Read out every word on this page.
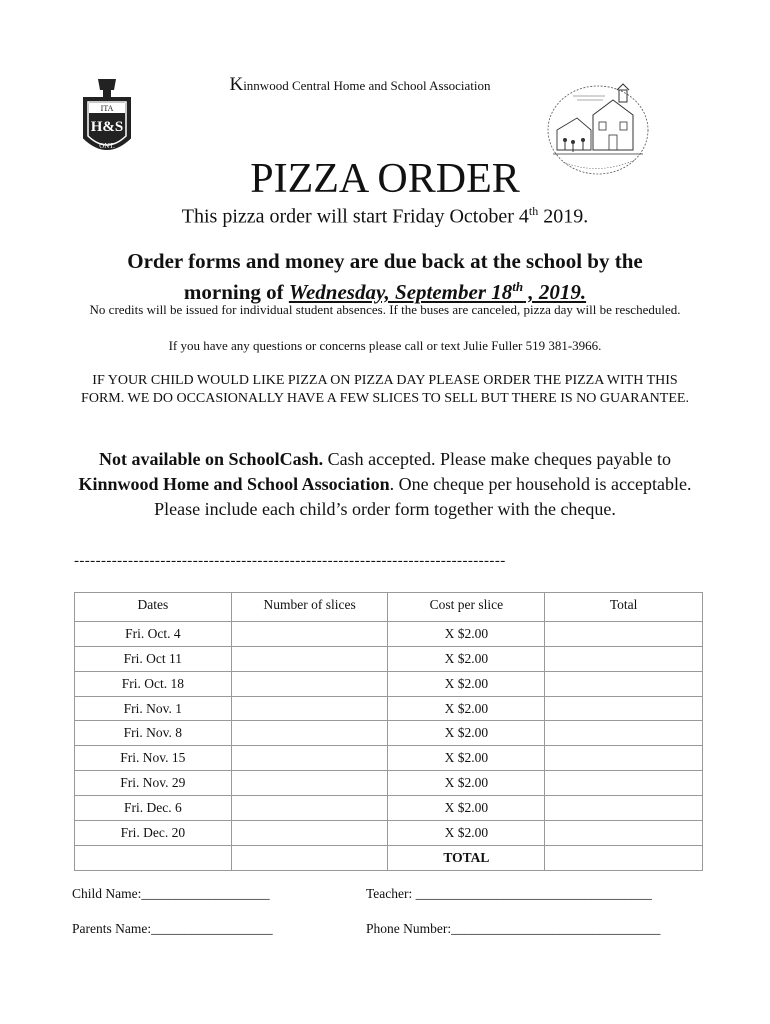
ITA
H&S
ONT.
Kinnwood Central Home and School Association
PIZZA ORDER
This pizza order will start Friday October 4th 2019.
Order forms and money are due back at the school by the
morning of Wednesday, September 18th , 2019.
No credits will be issued for individual student absences. If the buses are canceled, pizza day will be rescheduled.
If you have any questions or concerns please call or text Julie Fuller 519 381-3966.
IF YOUR CHILD WOULD LIKE PIZZA ON PIZZA DAY PLEASE ORDER THE PIZZA WITH THIS FORM. WE DO OCCASIONALLY HAVE A FEW SLICES TO SELL BUT THERE IS NO GUARANTEE.
Not available on SchoolCash. Cash accepted. Please make cheques payable to Kinnwood Home and School Association. One cheque per household is acceptable. Please include each child’s order form together with the cheque.
--------------------------------------------------------------------------------
Dates	Number of slices	Cost per slice	Total
Fri. Oct. 4		X $2.00	
Fri. Oct 11		X $2.00	
Fri. Oct. 18		X $2.00	
Fri. Nov. 1		X $2.00	
Fri. Nov. 8		X $2.00	
Fri. Nov. 15		X $2.00	
Fri. Nov. 29		X $2.00	
Fri. Dec. 6		X $2.00	
Fri. Dec. 20		X $2.00	
		TOTAL	
Child Name:___________________	Teacher: ___________________________________
Parents Name:__________________	Phone Number:_______________________________
